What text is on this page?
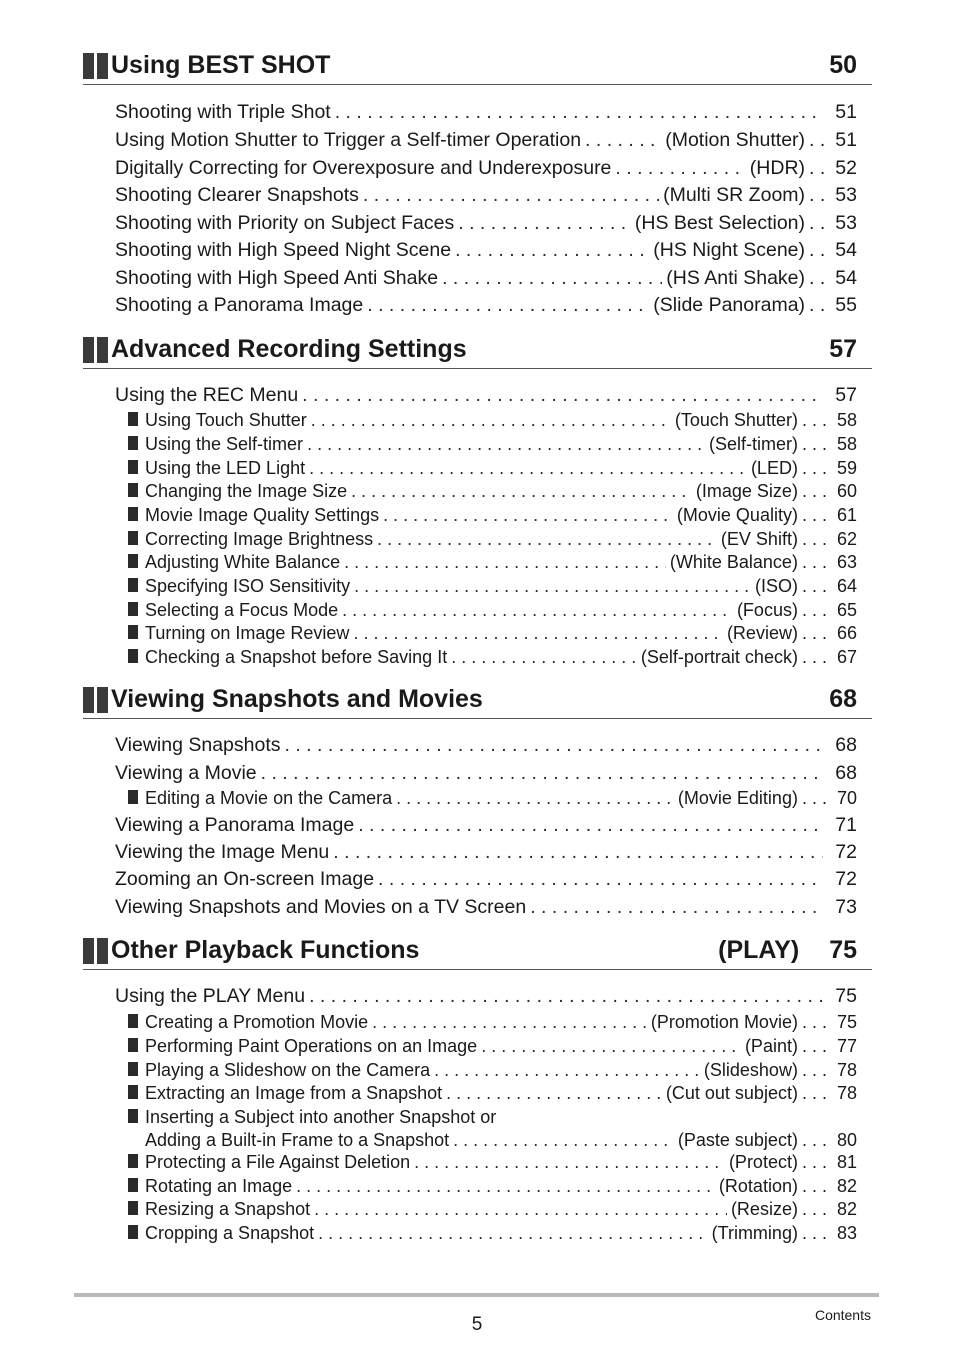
Using BEST SHOT	50
Shooting with Triple Shot . . .	51
Using Motion Shutter to Trigger a Self-timer Operation . . .	(Motion Shutter) . . 51
Digitally Correcting for Overexposure and Underexposure . . .	(HDR) . . 52
Shooting Clearer Snapshots . . .	(Multi SR Zoom) . . 53
Shooting with Priority on Subject Faces . . .	(HS Best Selection) . . 53
Shooting with High Speed Night Scene . . .	(HS Night Scene) . . 54
Shooting with High Speed Anti Shake . . .	(HS Anti Shake) . . 54
Shooting a Panorama Image . . .	(Slide Panorama) . . 55
Advanced Recording Settings	57
Using the REC Menu . . .	57
Using Touch Shutter . . .	(Touch Shutter) . . . 58
Using the Self-timer . . .	(Self-timer) . . . 58
Using the LED Light . . .	(LED) . . . 59
Changing the Image Size . . .	(Image Size) . . . 60
Movie Image Quality Settings . . .	(Movie Quality) . . . 61
Correcting Image Brightness . . .	(EV Shift) . . . 62
Adjusting White Balance . . .	(White Balance) . . . 63
Specifying ISO Sensitivity . . .	(ISO) . . . 64
Selecting a Focus Mode . . .	(Focus) . . . 65
Turning on Image Review . . .	(Review) . . . 66
Checking a Snapshot before Saving It . . .	(Self-portrait check) . . . 67
Viewing Snapshots and Movies	68
Viewing Snapshots . . .	68
Viewing a Movie . . .	68
Editing a Movie on the Camera . . .	(Movie Editing) . . . 70
Viewing a Panorama Image . . .	71
Viewing the Image Menu . . .	72
Zooming an On-screen Image . . .	72
Viewing Snapshots and Movies on a TV Screen . . .	73
Other Playback Functions	(PLAY) 75
Using the PLAY Menu . . .	75
Creating a Promotion Movie . . .	(Promotion Movie) . . . 75
Performing Paint Operations on an Image . . .	(Paint) . . . 77
Playing a Slideshow on the Camera . . .	(Slideshow) . . . 78
Extracting an Image from a Snapshot . . .	(Cut out subject) . . . 78
Inserting a Subject into another Snapshot or
Adding a Built-in Frame to a Snapshot . . .	(Paste subject) . . . 80
Protecting a File Against Deletion . . .	(Protect) . . . 81
Rotating an Image . . .	(Rotation) . . . 82
Resizing a Snapshot . . .	(Resize) . . . 82
Cropping a Snapshot . . .	(Trimming) . . . 83
5	Contents
